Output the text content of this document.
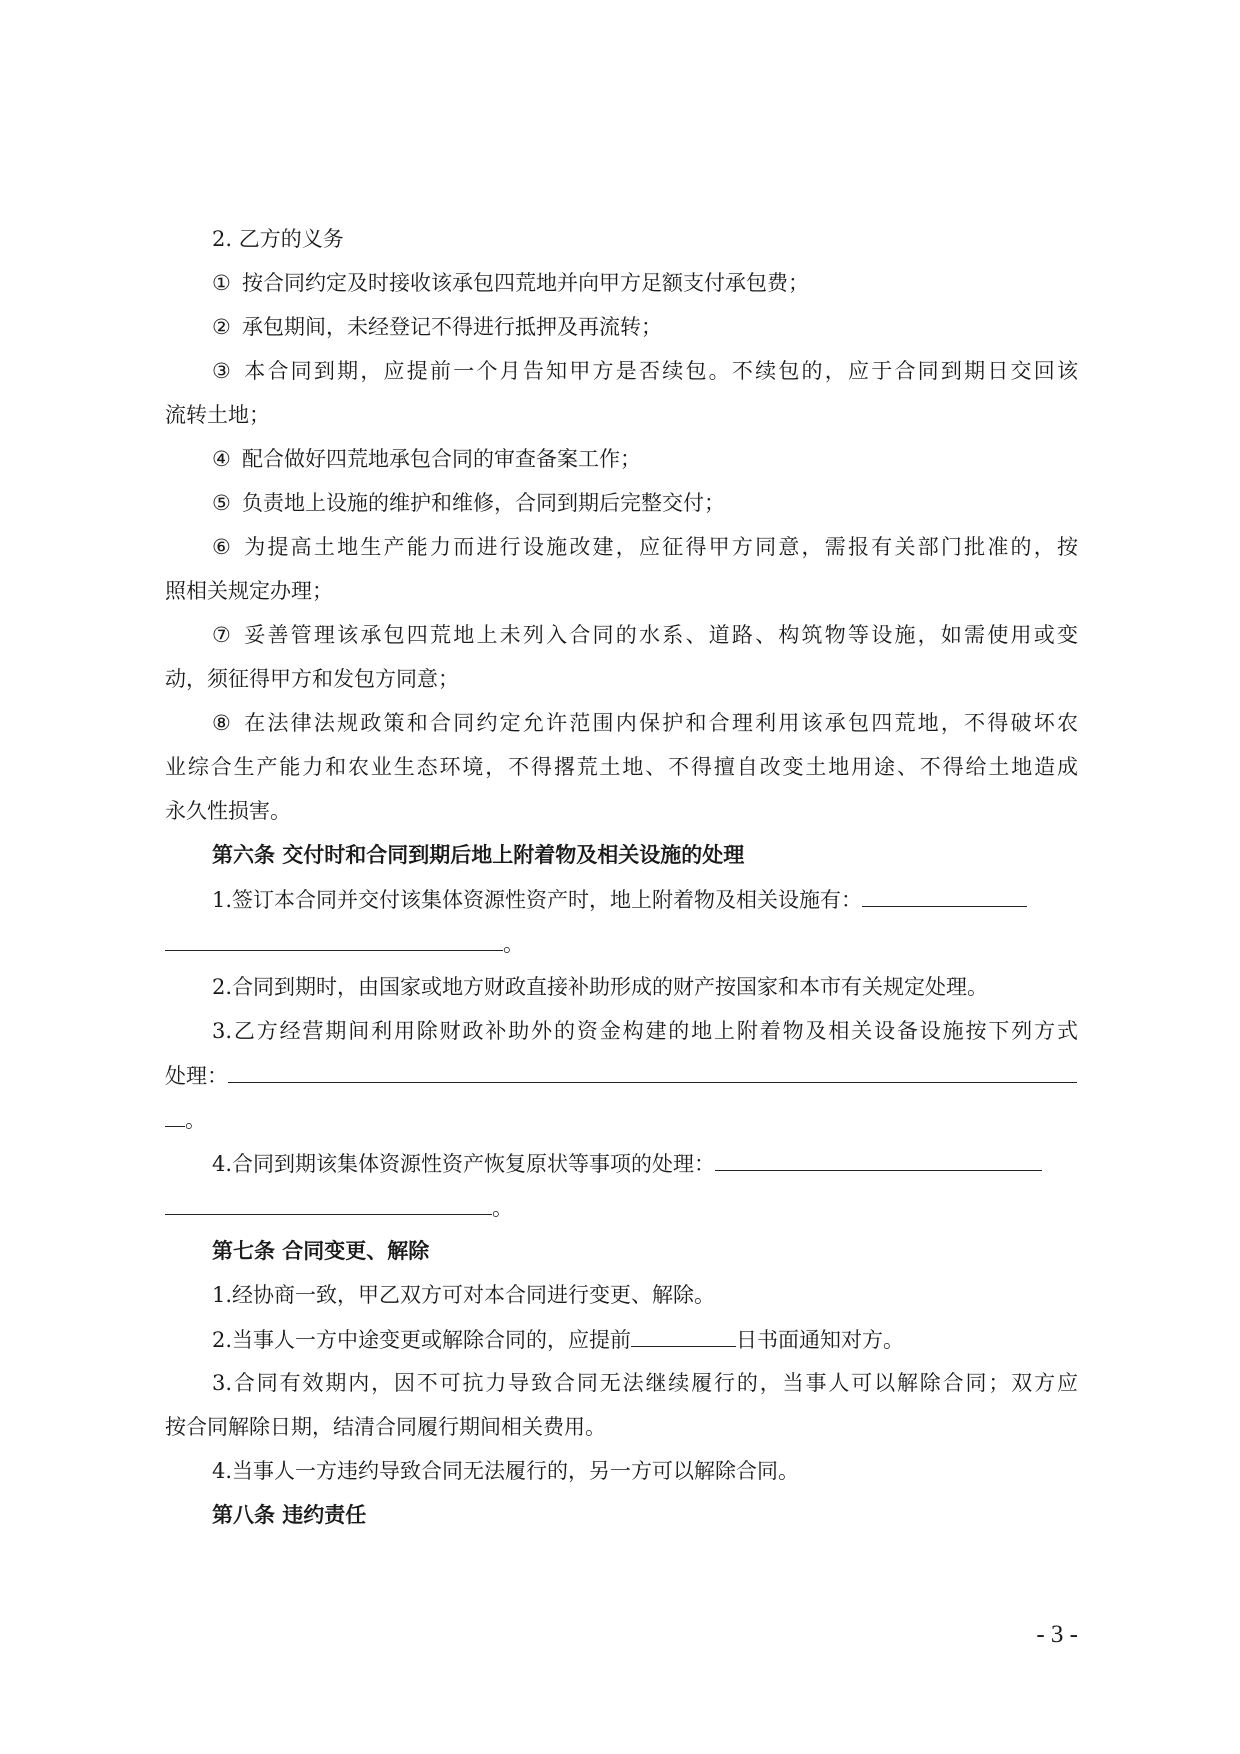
2. 乙方的义务
① 按合同约定及时接收该承包四荒地并向甲方足额支付承包费；
② 承包期间，未经登记不得进行抵押及再流转；
③ 本合同到期，应提前一个月告知甲方是否续包。不续包的，应于合同到期日交回该
流转土地；
④ 配合做好四荒地承包合同的审查备案工作；
⑤ 负责地上设施的维护和维修，合同到期后完整交付；
⑥ 为提高土地生产能力而进行设施改建，应征得甲方同意，需报有关部门批准的，按
照相关规定办理；
⑦ 妥善管理该承包四荒地上未列入合同的水系、道路、构筑物等设施，如需使用或变
动，须征得甲方和发包方同意；
⑧ 在法律法规政策和合同约定允许范围内保护和合理利用该承包四荒地，不得破坏农
业综合生产能力和农业生态环境，不得撂荒土地、不得擅自改变土地用途、不得给土地造成
永久性损害。
第六条 交付时和合同到期后地上附着物及相关设施的处理
1.签订本合同并交付该集体资源性资产时，地上附着物及相关设施有：
。
2.合同到期时，由国家或地方财政直接补助形成的财产按国家和本市有关规定处理。
3.乙方经营期间利用除财政补助外的资金构建的地上附着物及相关设备设施按下列方式
处理：
。
4.合同到期该集体资源性资产恢复原状等事项的处理：
。
第七条 合同变更、解除
1.经协商一致，甲乙双方可对本合同进行变更、解除。
2.当事人一方中途变更或解除合同的，应提前	日书面通知对方。
3.合同有效期内，因不可抗力导致合同无法继续履行的，当事人可以解除合同；双方应
按合同解除日期，结清合同履行期间相关费用。
4.当事人一方违约导致合同无法履行的，另一方可以解除合同。
第八条 违约责任
- 3 -
